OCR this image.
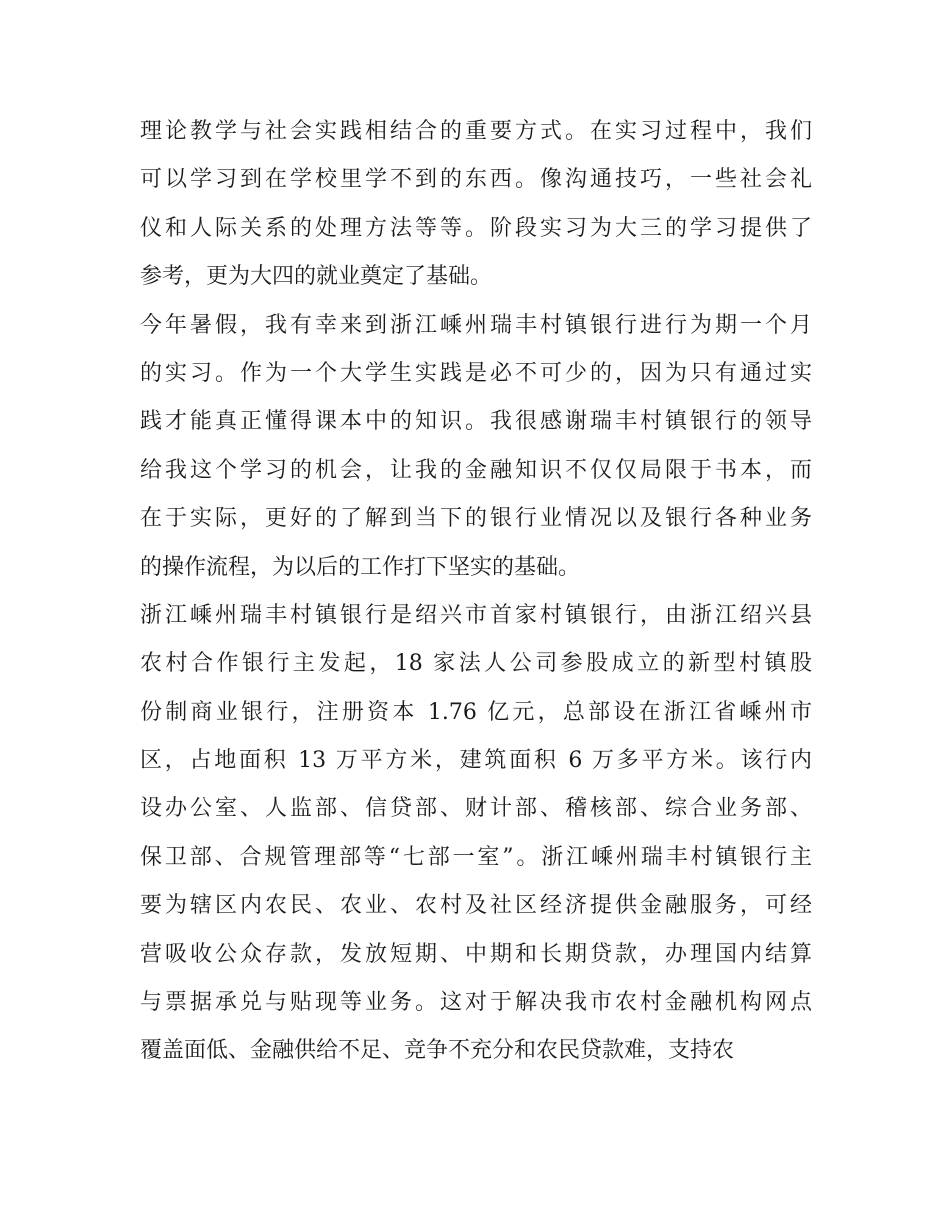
理论教学与社会实践相结合的重要方式。在实习过程中，我们
可以学习到在学校里学不到的东西。像沟通技巧，一些社会礼
仪和人际关系的处理方法等等。阶段实习为大三的学习提供了
参考，更为大四的就业奠定了基础。
今年暑假，我有幸来到浙江嵊州瑞丰村镇银行进行为期一个月
的实习。作为一个大学生实践是必不可少的，因为只有通过实
践才能真正懂得课本中的知识。我很感谢瑞丰村镇银行的领导
给我这个学习的机会，让我的金融知识不仅仅局限于书本，而
在于实际，更好的了解到当下的银行业情况以及银行各种业务
的操作流程，为以后的工作打下坚实的基础。
浙江嵊州瑞丰村镇银行是绍兴市首家村镇银行，由浙江绍兴县
农村合作银行主发起，18 家法人公司参股成立的新型村镇股
份制商业银行，注册资本 1.76 亿元，总部设在浙江省嵊州市
区，占地面积 13 万平方米，建筑面积 6 万多平方米。该行内
设办公室、人监部、信贷部、财计部、稽核部、综合业务部、
保卫部、合规管理部等“七部一室”。浙江嵊州瑞丰村镇银行主
要为辖区内农民、农业、农村及社区经济提供金融服务，可经
营吸收公众存款，发放短期、中期和长期贷款，办理国内结算
与票据承兑与贴现等业务。这对于解决我市农村金融机构网点
覆盖面低、金融供给不足、竞争不充分和农民贷款难，支持农
